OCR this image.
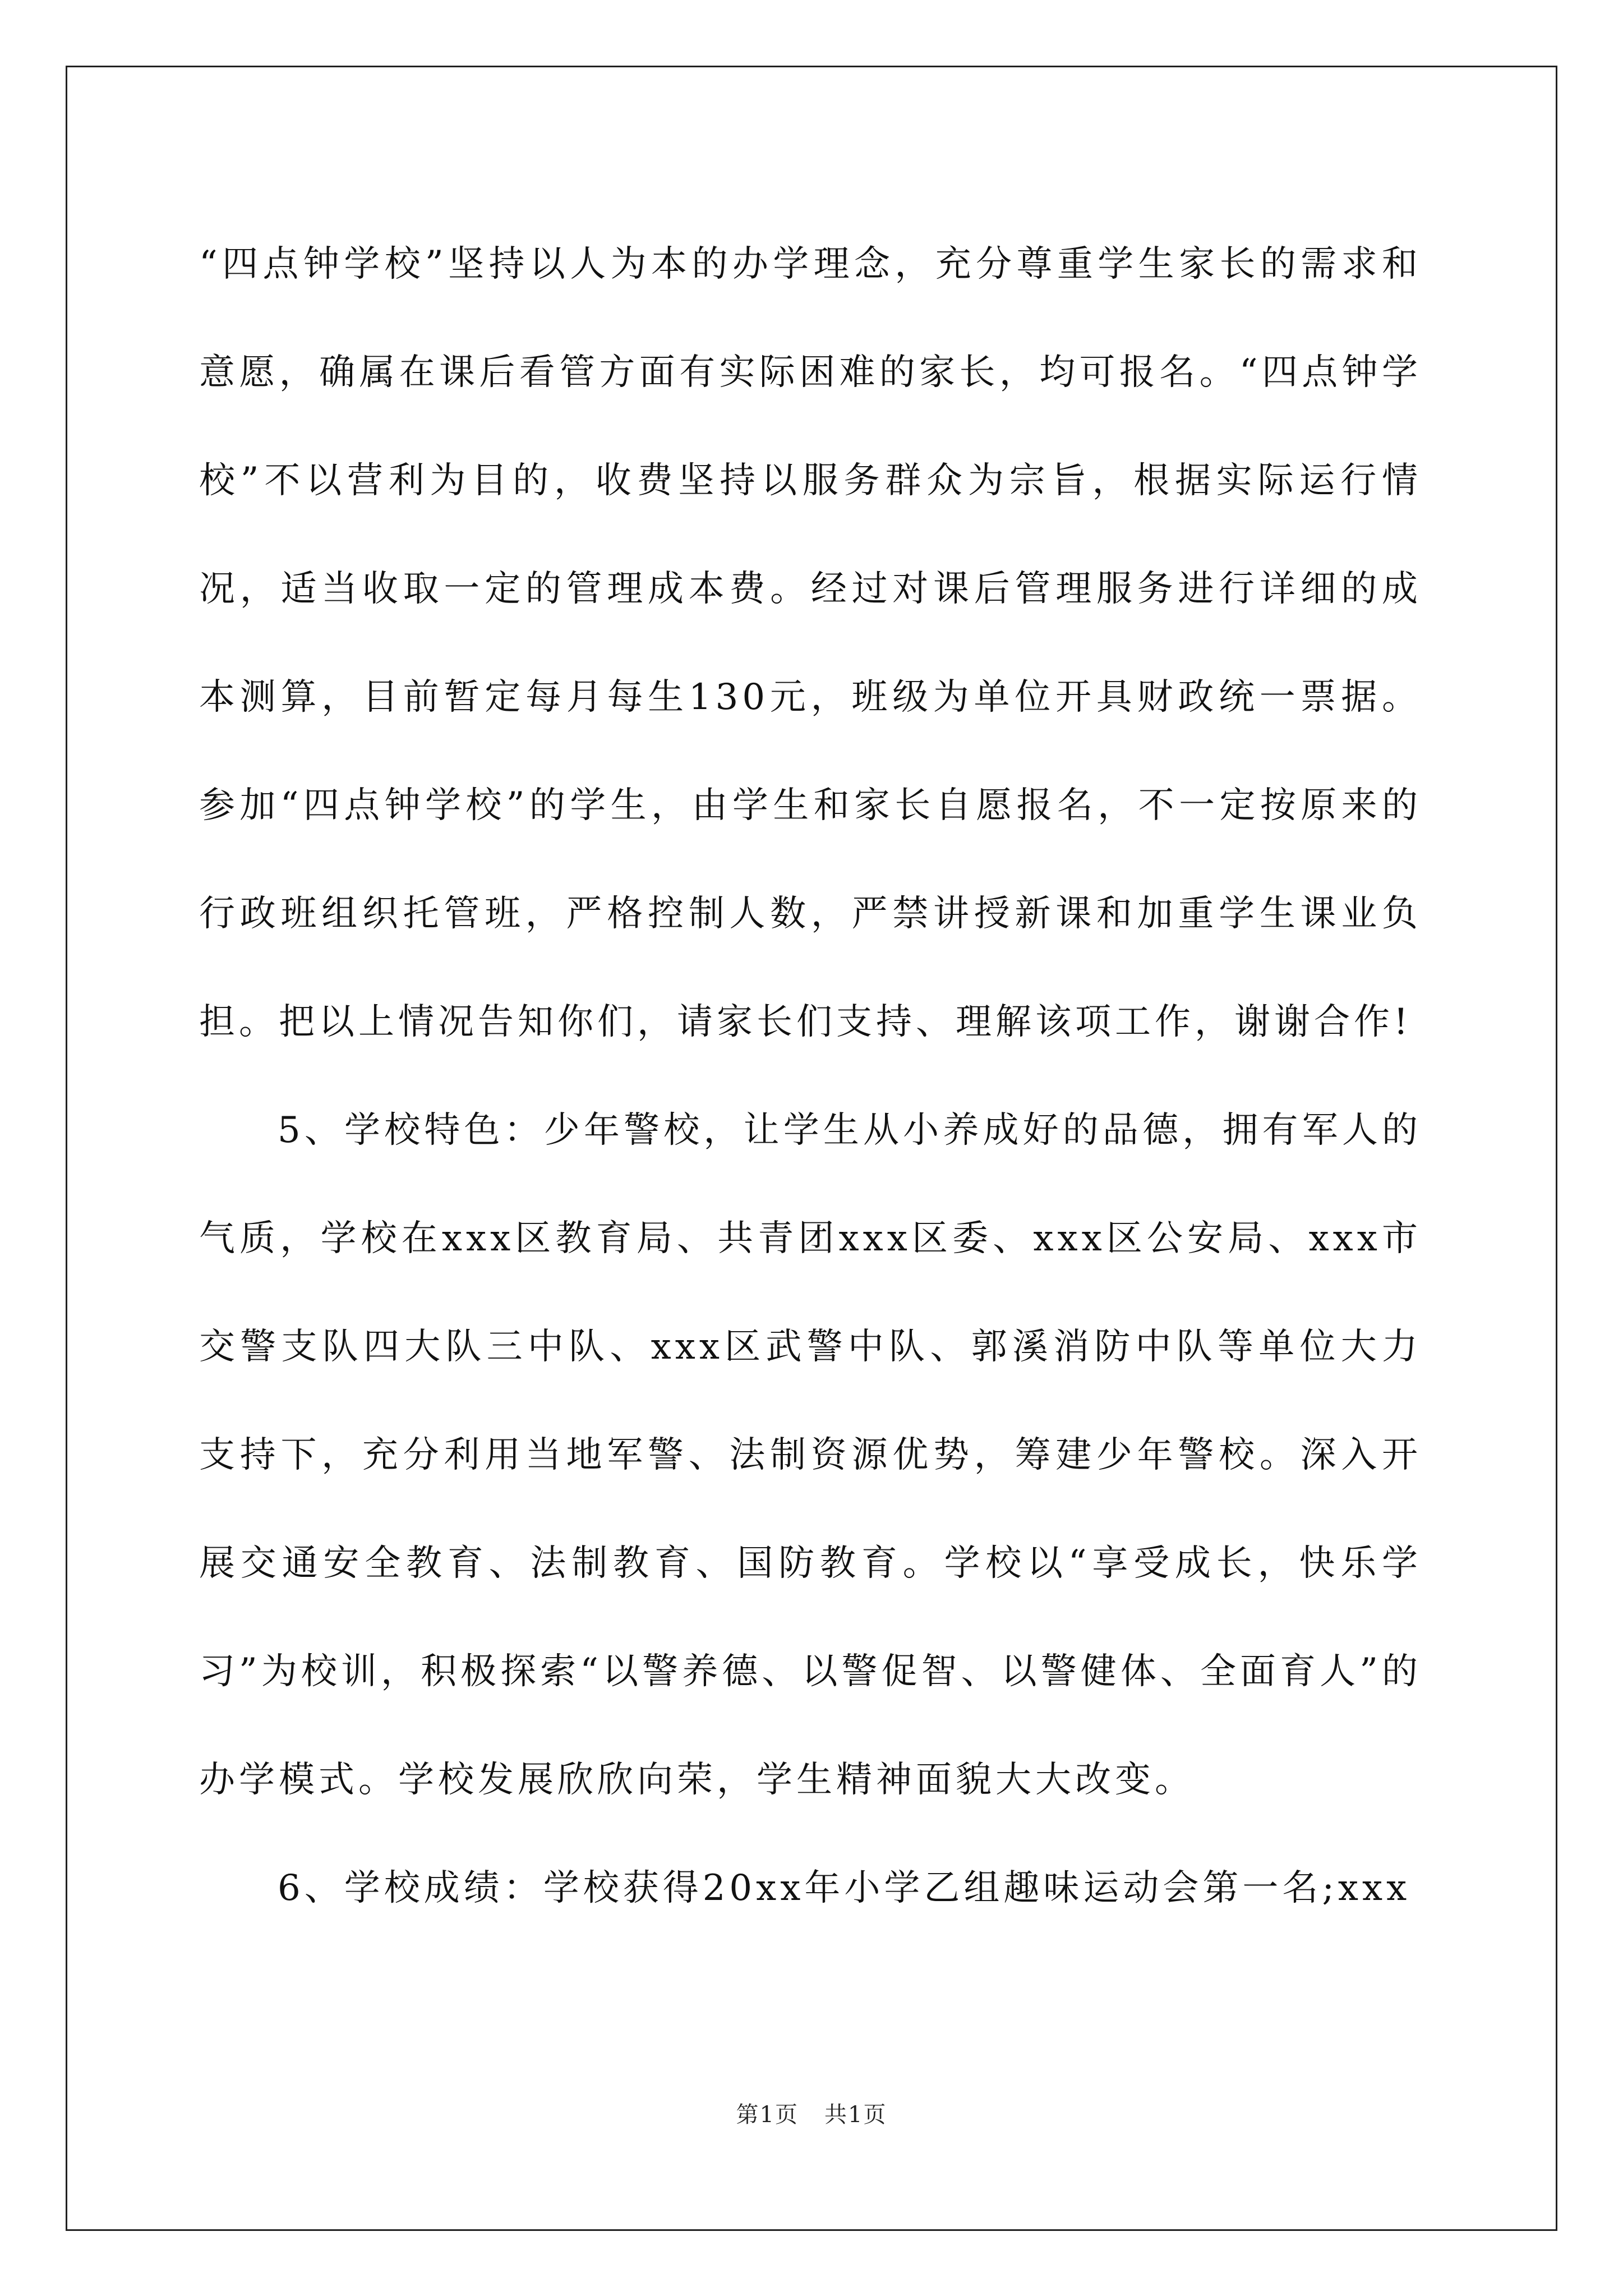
“四点钟学校”坚持以人为本的办学理念，充分尊重学生家长的需求和意愿，确属在课后看管方面有实际困难的家长，均可报名。“四点钟学校”不以营利为目的，收费坚持以服务群众为宗旨，根据实际运行情况，适当收取一定的管理成本费。经过对课后管理服务进行详细的成本测算，目前暂定每月每生130元，班级为单位开具财政统一票据。参加“四点钟学校”的学生，由学生和家长自愿报名，不一定按原来的行政班组织托管班，严格控制人数，严禁讲授新课和加重学生课业负担。把以上情况告知你们，请家长们支持、理解该项工作，谢谢合作!

5、学校特色：少年警校，让学生从小养成好的品德，拥有军人的气质，学校在xxx区教育局、共青团xxx区委、xxx区公安局、xxx市交警支队四大队三中队、xxx区武警中队、郭溪消防中队等单位大力支持下，充分利用当地军警、法制资源优势，筹建少年警校。深入开展交通安全教育、法制教育、国防教育。学校以“享受成长，快乐学习”为校训，积极探索“以警养德、以警促智、以警健体、全面育人”的办学模式。学校发展欣欣向荣，学生精神面貌大大改变。

6、学校成绩：学校获得20xx年小学乙组趣味运动会第一名;xxx

第1页 共1页
